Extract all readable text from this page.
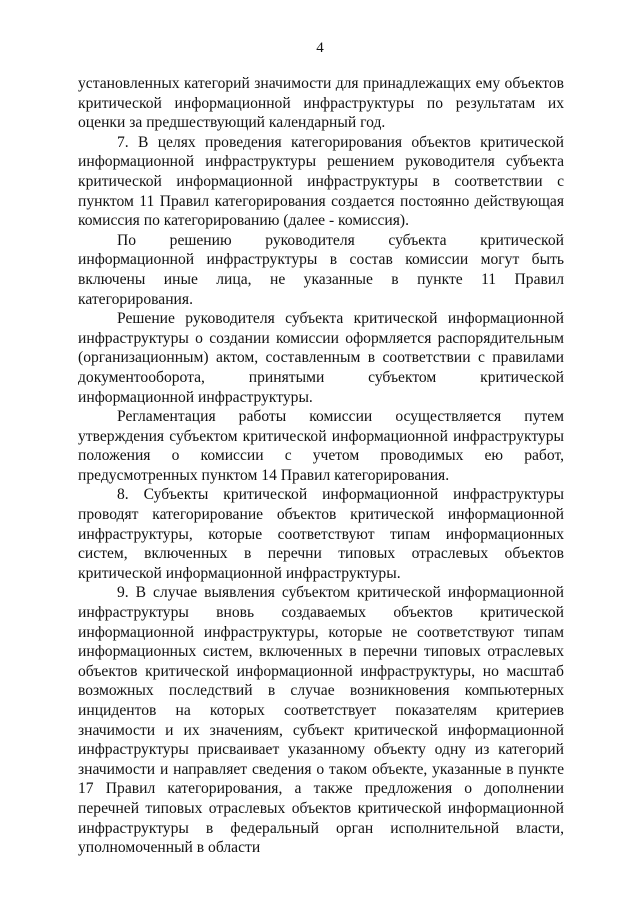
4

установленных категорий значимости для принадлежащих ему объектов критической информационной инфраструктуры по результатам их оценки за предшествующий календарный год.

7. В целях проведения категорирования объектов критической информационной инфраструктуры решением руководителя субъекта критической информационной инфраструктуры в соответствии с пунктом 11 Правил категорирования создается постоянно действующая комиссия по категорированию (далее - комиссия).

По решению руководителя субъекта критической информационной инфраструктуры в состав комиссии могут быть включены иные лица, не указанные в пункте 11 Правил категорирования.

Решение руководителя субъекта критической информационной инфраструктуры о создании комиссии оформляется распорядительным (организационным) актом, составленным в соответствии с правилами документооборота, принятыми субъектом критической информационной инфраструктуры.

Регламентация работы комиссии осуществляется путем утверждения субъектом критической информационной инфраструктуры положения о комиссии с учетом проводимых ею работ, предусмотренных пунктом 14 Правил категорирования.

8. Субъекты критической информационной инфраструктуры проводят категорирование объектов критической информационной инфраструктуры, которые соответствуют типам информационных систем, включенных в перечни типовых отраслевых объектов критической информационной инфраструктуры.

9. В случае выявления субъектом критической информационной инфраструктуры вновь создаваемых объектов критической информационной инфраструктуры, которые не соответствуют типам информационных систем, включенных в перечни типовых отраслевых объектов критической информационной инфраструктуры, но масштаб возможных последствий в случае возникновения компьютерных инцидентов на которых соответствует показателям критериев значимости и их значениям, субъект критической информационной инфраструктуры присваивает указанному объекту одну из категорий значимости и направляет сведения о таком объекте, указанные в пункте 17 Правил категорирования, а также предложения о дополнении перечней типовых отраслевых объектов критической информационной инфраструктуры в федеральный орган исполнительной власти, уполномоченный в области
